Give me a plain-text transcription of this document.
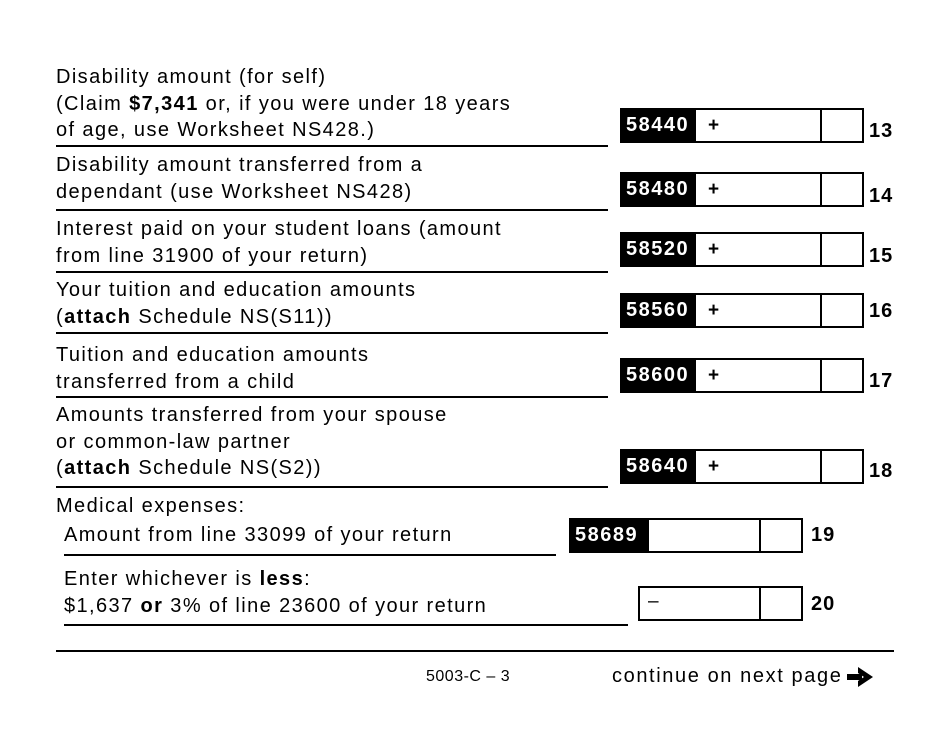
Disability amount (for self)
(Claim $7,341 or, if you were under 18 years
of age, use Worksheet NS428.)	58440 +	13
Disability amount transferred from a
dependant (use Worksheet NS428)	58480 +	14
Interest paid on your student loans (amount
from line 31900 of your return)	58520 +	15
Your tuition and education amounts
(attach Schedule NS(S11))	58560 +	16
Tuition and education amounts
transferred from a child	58600 +	17
Amounts transferred from your spouse
or common-law partner
(attach Schedule NS(S2))	58640 +	18
Medical expenses:
Amount from line 33099 of your return	58689	19
Enter whichever is less:
$1,637 or 3% of line 23600 of your return	–	20
5003-C – 3	continue on next page
